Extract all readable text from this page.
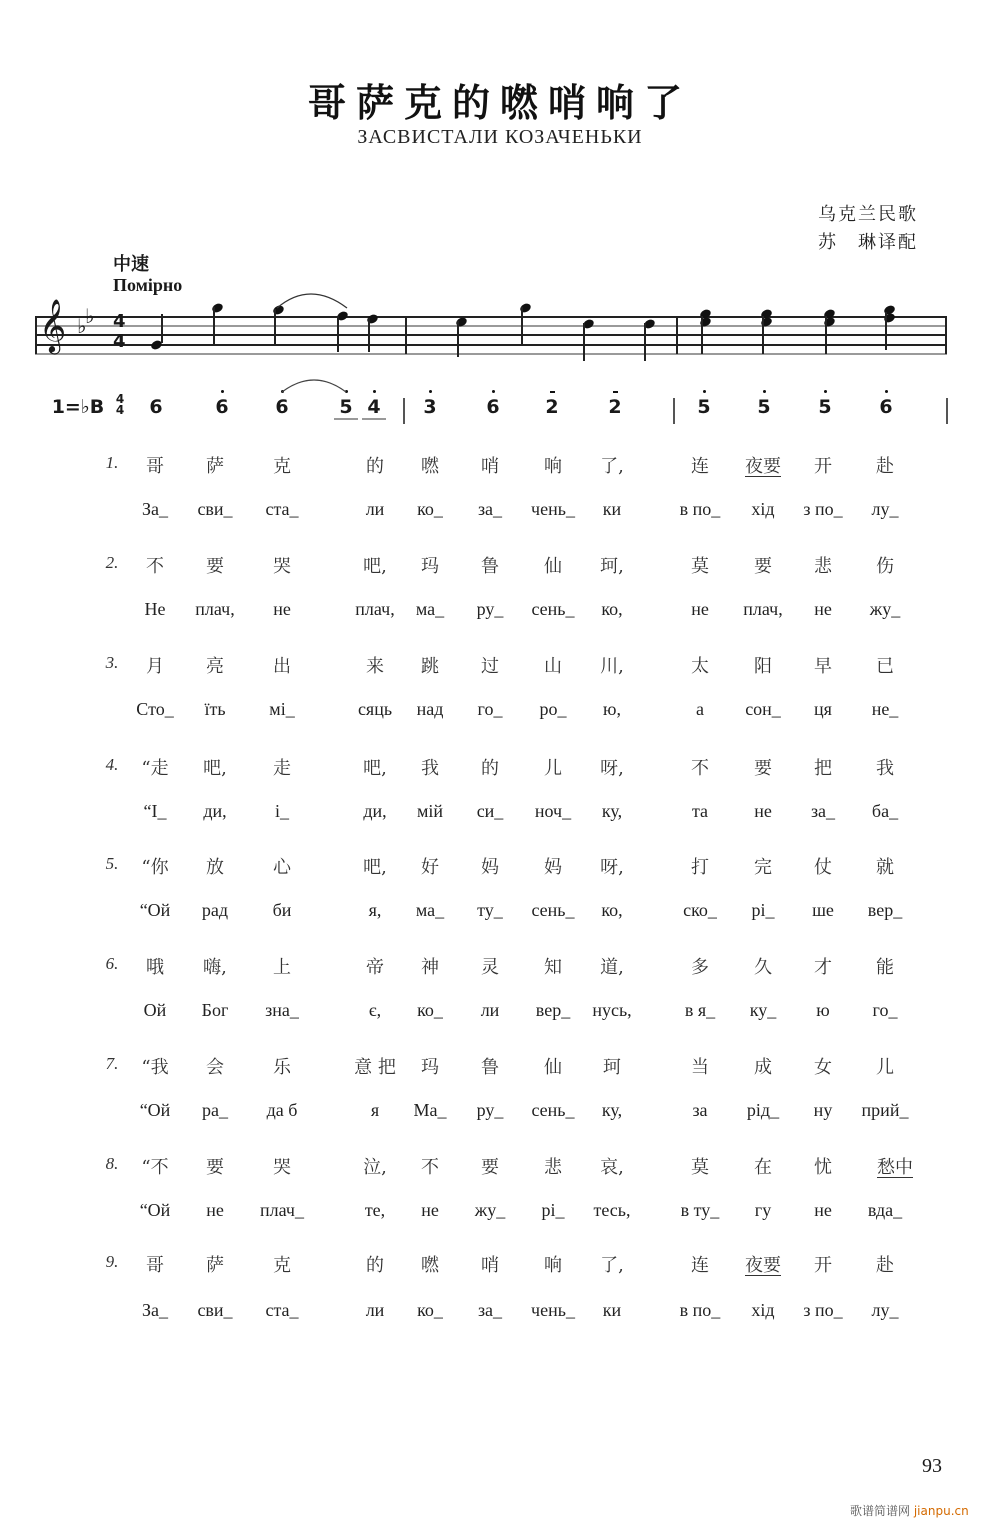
哥萨克的嘫哨响了
ЗАСВИСТАЛИ КОЗАЧЕНЬКИ
乌克兰民歌
苏　琳译配
中速
Помірно
𝄞 ♭
♭ 4
4
1=♭B 4
4	6	6 6	5 4 3	6 2	2	5 5	5	6
1. 哥 萨	克	的 嘫 哨	响 了,	连 夜要 开 赴
За_ сви_ ста_	ли ко_ за_ чень_ ки	в по_ хід з по_ лу_
2. 不 要	哭	吧, 玛 鲁	仙 珂,	莫	要 悲 伤
Не плач, не	плач, ма_ ру_ сень_ ко,	не плач, не жу_
3. 月 亮	出	来 跳 过	山 川,	太	阳 早 已
Сто_ їть мі_	сяць над го_ ро_ ю,	а сон_ ця не_
4. “走 吧,	走	吧, 我 的	儿 呀,	不	要 把 我
“І_ ди,	і_	ди, мій си_ ноч_ ку,	та	не за_ ба_
5. “你 放	心	吧, 好 妈	妈 呀,	打	完 仗 就
“Ой рад би	я, ма_ ту_ сень_ ко,	ско_ рі_ ше вер_
6. 哦 嗨,	上	帝 神 灵	知 道,	多	久 才 能
Ой Бог зна_	є, ко_ ли вер_ нусь,	в я_ ку_ ю го_
7. “我 会	乐	意 把 玛 鲁	仙 珂	当	成 女 儿
“Ой ра_ да б	я Ма_ ру_ сень_ ку,	за рід_ ну прий_
8. “不 要	哭	泣, 不 要	悲 哀,	莫	在 忧	愁中
“Ой не плач_	те, не жу_ рі_ тесь,	в ту_ гу не вда_
9. 哥 萨	克	的 嘫 哨	响 了,	连 夜要 开 赴
За_ сви_ ста_	ли ко_ за_ чень_ ки	в по_ хід з по_ лу_
93
歌谱简谱网 jianpu.cn
